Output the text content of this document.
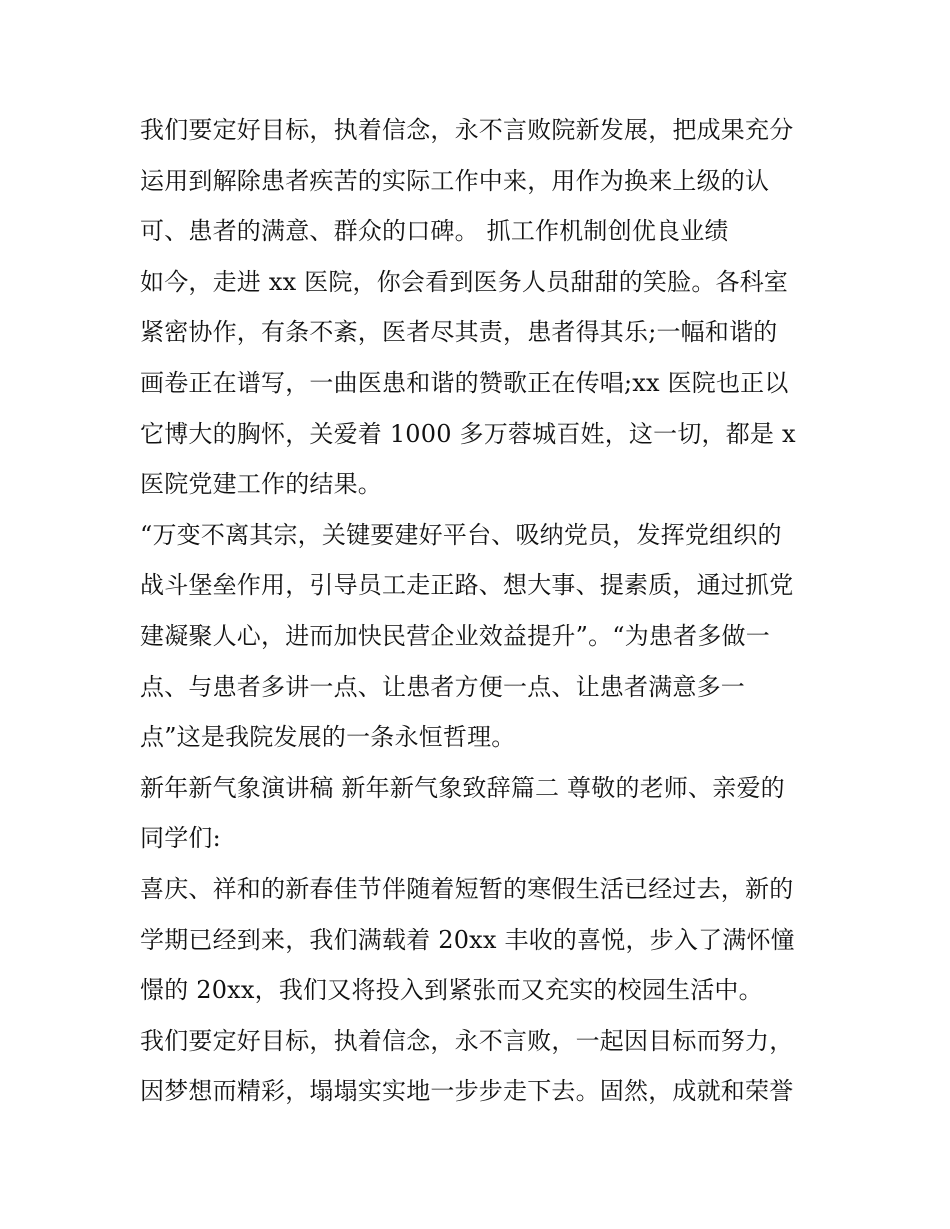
我们要定好目标，执着信念，永不言败院新发展，把成果充分
运用到解除患者疾苦的实际工作中来，用作为换来上级的认
可、患者的满意、群众的口碑。 抓工作机制创优良业绩
如今，走进 xx 医院，你会看到医务人员甜甜的笑脸。各科室
紧密协作，有条不紊，医者尽其责，患者得其乐;一幅和谐的
画卷正在谱写，一曲医患和谐的赞歌正在传唱;xx 医院也正以
它博大的胸怀，关爱着 1000 多万蓉城百姓，这一切，都是 x
医院党建工作的结果。
“万变不离其宗，关键要建好平台、吸纳党员，发挥党组织的
战斗堡垒作用，引导员工走正路、想大事、提素质，通过抓党
建凝聚人心，进而加快民营企业效益提升”。“为患者多做一
点、与患者多讲一点、让患者方便一点、让患者满意多一
点”这是我院发展的一条永恒哲理。
新年新气象演讲稿 新年新气象致辞篇二 尊敬的老师、亲爱的
同学们:
喜庆、祥和的新春佳节伴随着短暂的寒假生活已经过去，新的
学期已经到来，我们满载着 20xx 丰收的喜悦，步入了满怀憧
憬的 20xx，我们又将投入到紧张而又充实的校园生活中。
我们要定好目标，执着信念，永不言败，一起因目标而努力，
因梦想而精彩，塌塌实实地一步步走下去。固然，成就和荣誉
